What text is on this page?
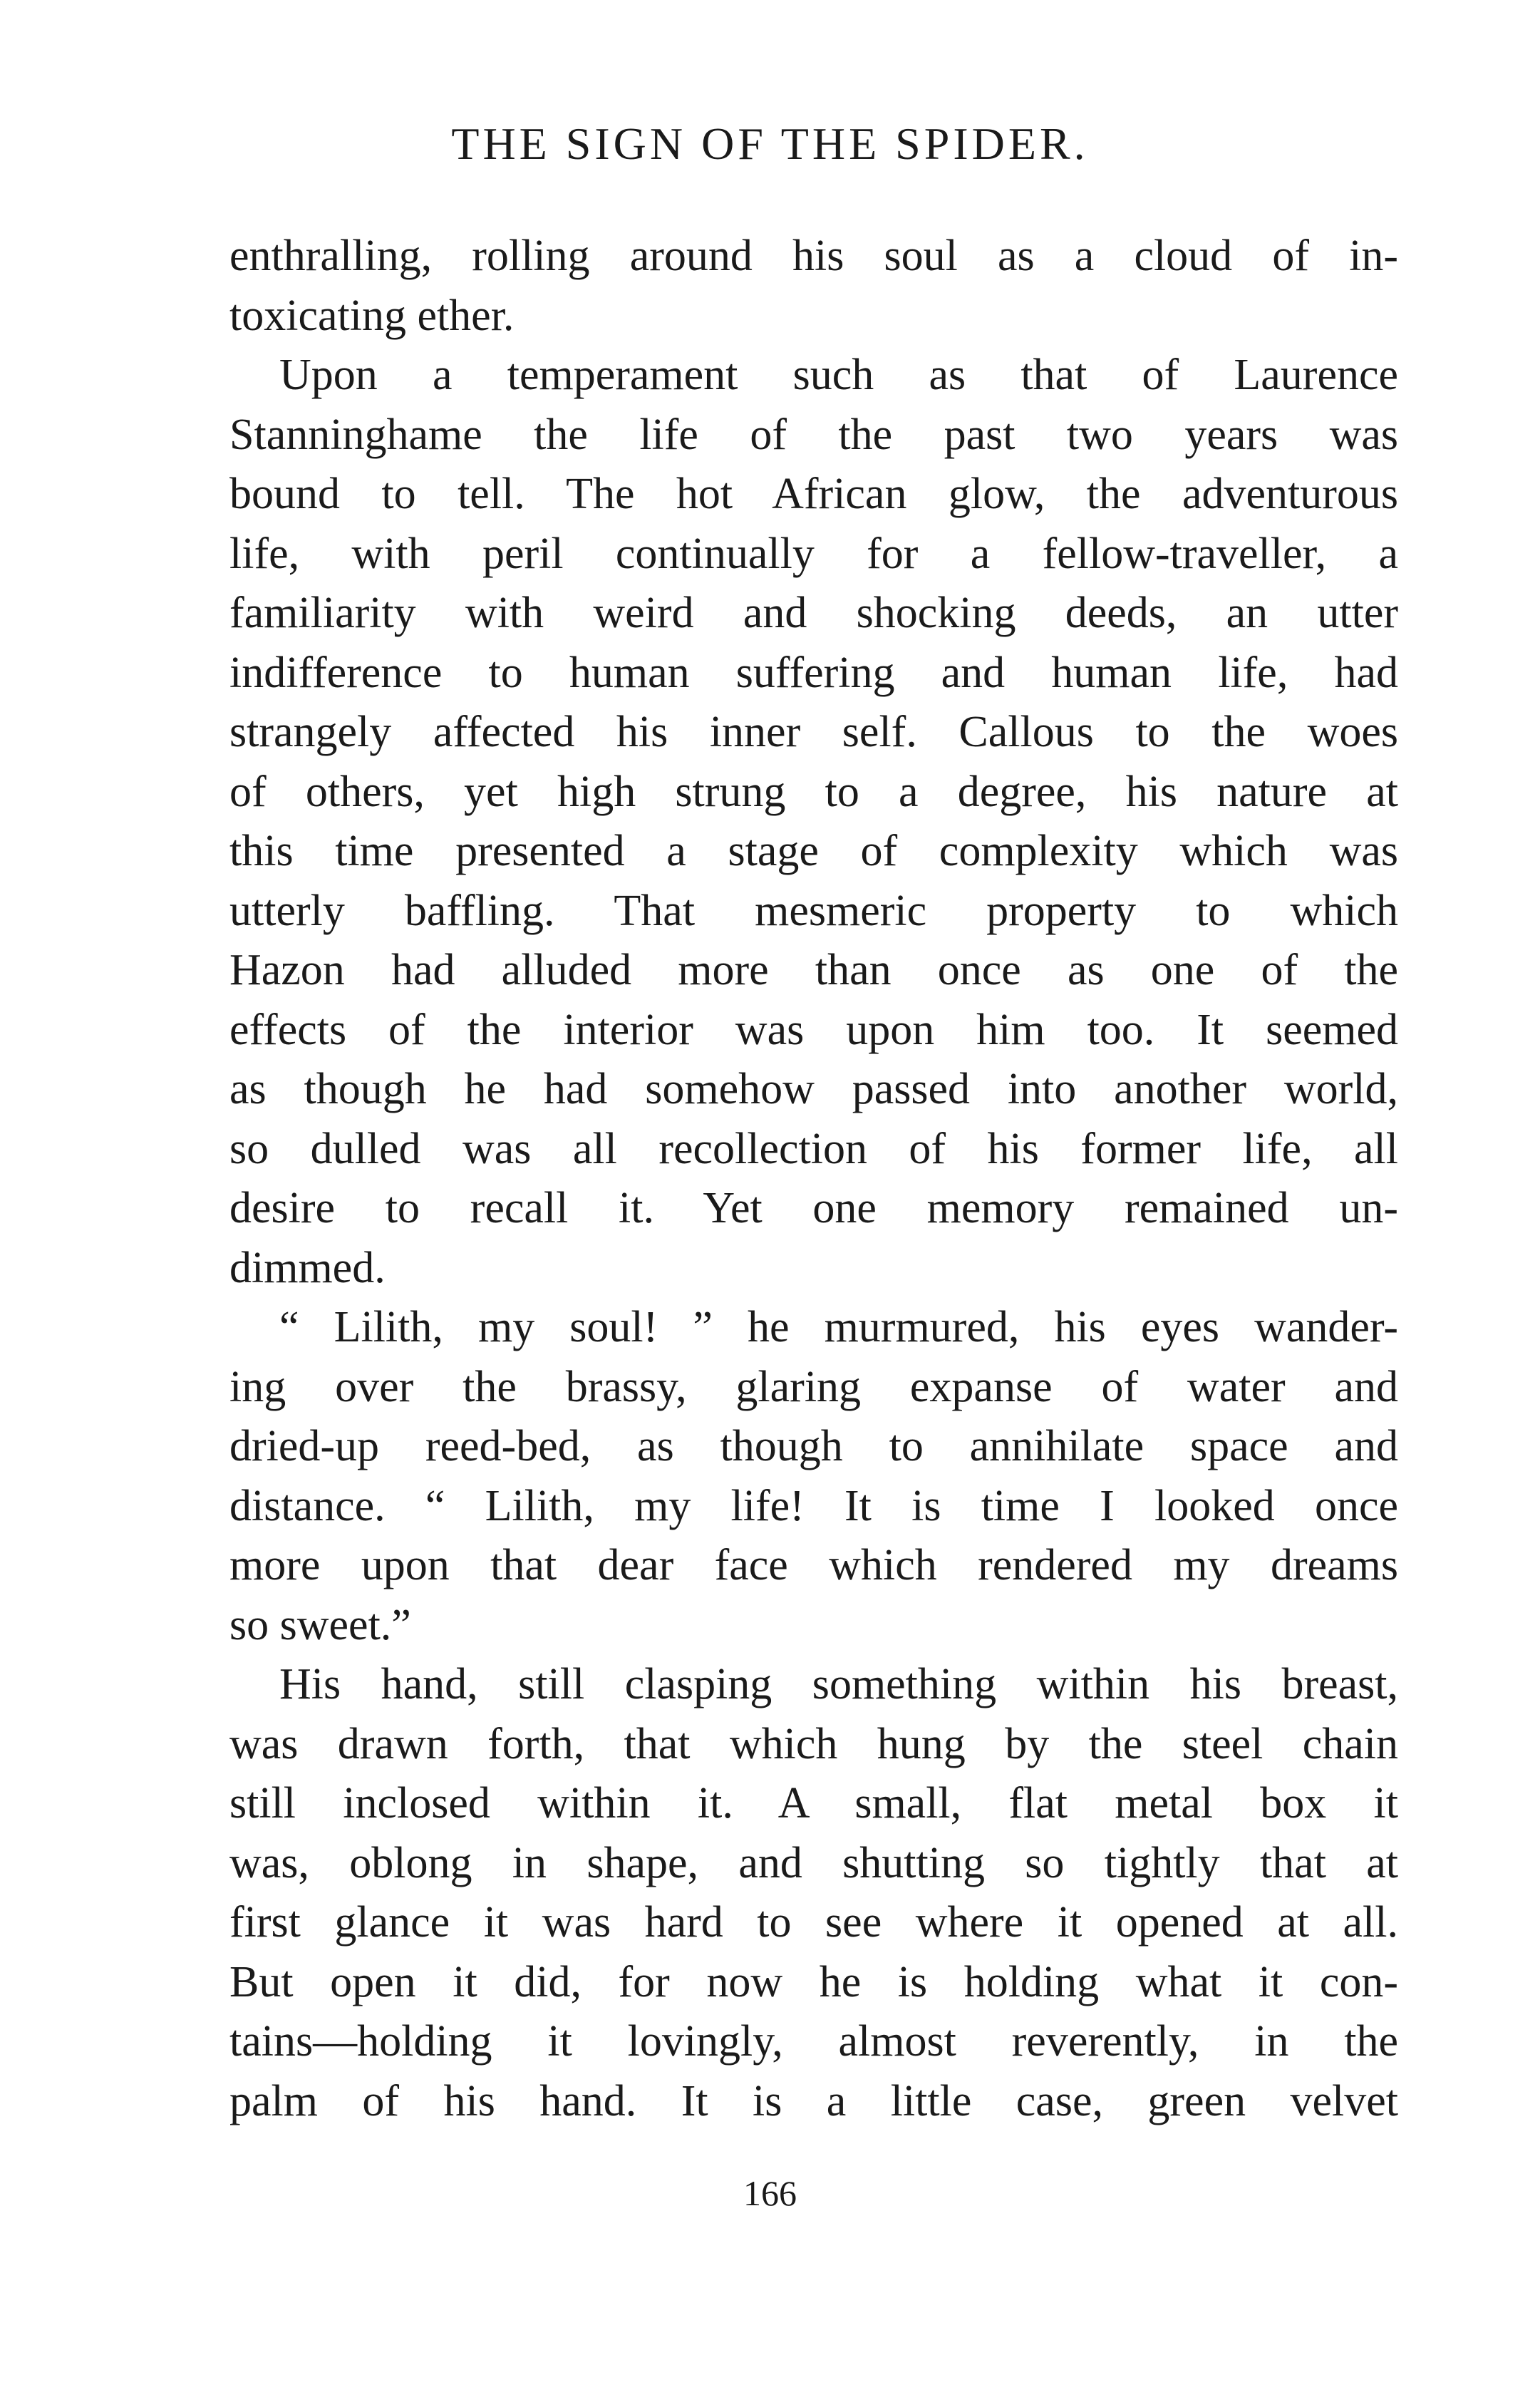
THE SIGN OF THE SPIDER.
enthralling, rolling around his soul as a cloud of in-
toxicating ether.
Upon a temperament such as that of Laurence
Stanninghame the life of the past two years was
bound to tell. The hot African glow, the adventurous
life, with peril continually for a fellow-traveller, a
familiarity with weird and shocking deeds, an utter
indifference to human suffering and human life, had
strangely affected his inner self. Callous to the woes
of others, yet high strung to a degree, his nature at
this time presented a stage of complexity which was
utterly baffling. That mesmeric property to which
Hazon had alluded more than once as one of the
effects of the interior was upon him too. It seemed
as though he had somehow passed into another world,
so dulled was all recollection of his former life, all
desire to recall it. Yet one memory remained un-
dimmed.
“ Lilith, my soul! ” he murmured, his eyes wander-
ing over the brassy, glaring expanse of water and
dried-up reed-bed, as though to annihilate space and
distance. “ Lilith, my life! It is time I looked once
more upon that dear face which rendered my dreams
so sweet.”
His hand, still clasping something within his breast,
was drawn forth, that which hung by the steel chain
still inclosed within it. A small, flat metal box it
was, oblong in shape, and shutting so tightly that at
first glance it was hard to see where it opened at all.
But open it did, for now he is holding what it con-
tains—holding it lovingly, almost reverently, in the
palm of his hand. It is a little case, green velvet
166
